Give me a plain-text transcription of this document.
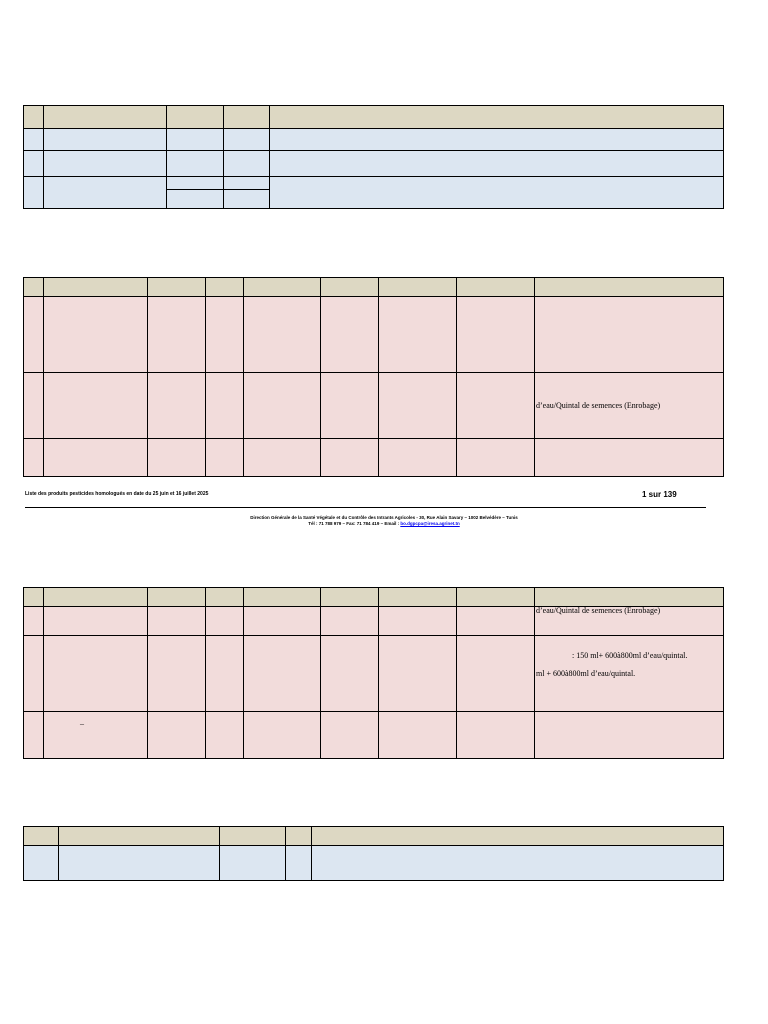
								d’eau/Quintal de semences (Enrobage)

Liste des produits pesticides homologués en date du 25 juin et 16 juillet 2025	1 sur 139
Direction Générale de la Santé Végétale et du Contrôle des Intrants Agricoles - 30, Rue Alain Savary – 1002 Belvédère – Tunis
Tél : 71 788 979 – Fax: 71 784 419 – Email : bo.dgpcpa@iresa.agrinet.tn

								d’eau/Quintal de semences (Enrobage)

								: 150 ml+ 600à800ml d’eau/quintal.
ml + 600à800ml d’eau/quintal.

	–							
